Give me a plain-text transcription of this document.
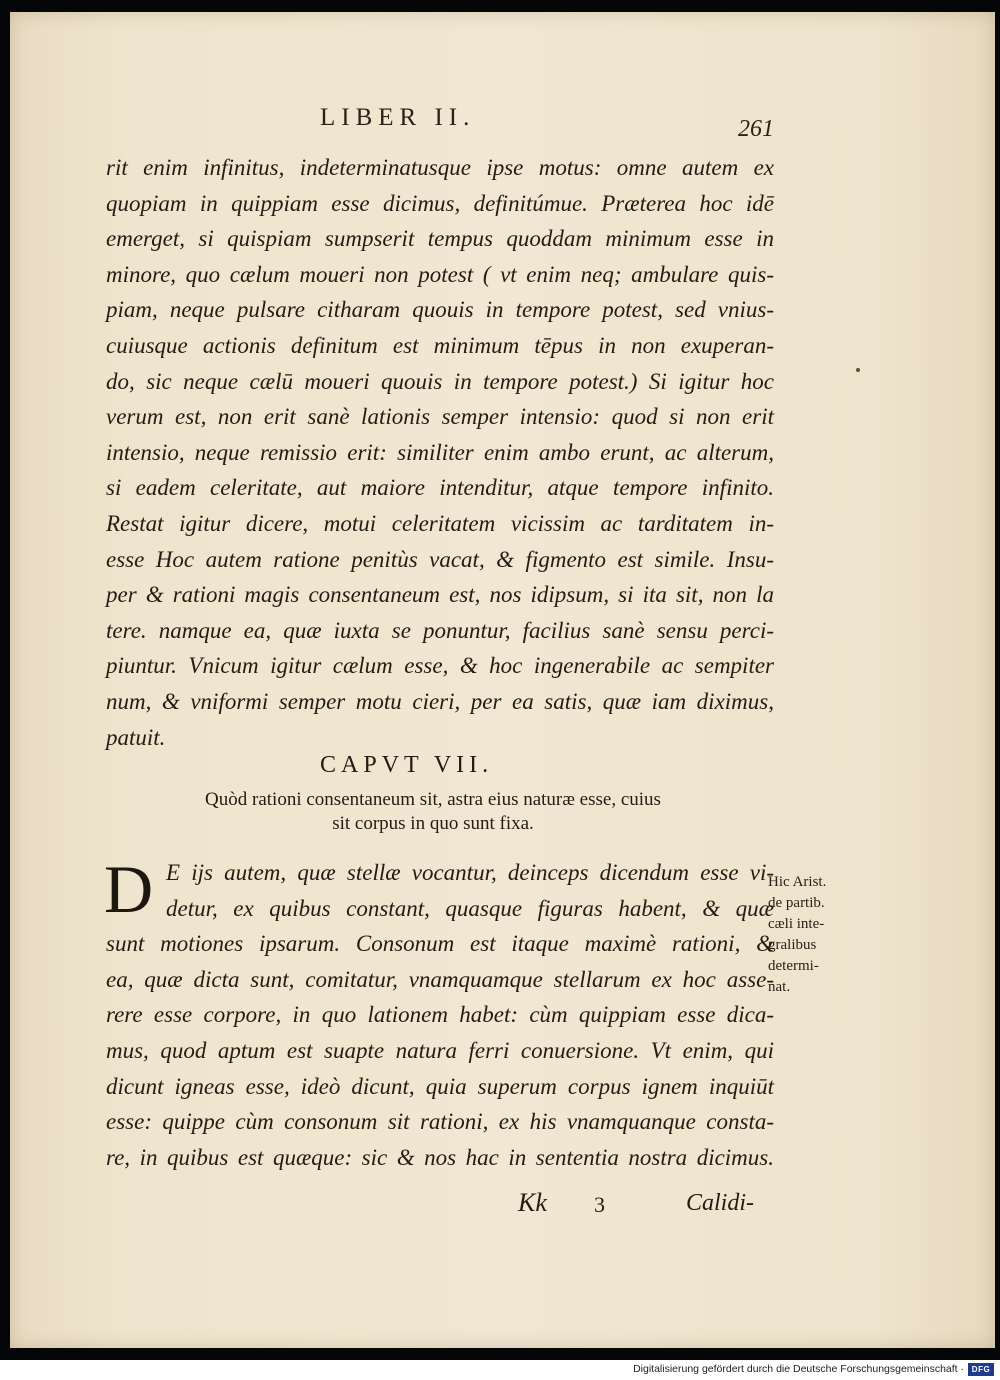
LIBER II.	261
rit enim infinitus, indeterminatusque ipse motus: omne autem ex
quopiam in quippiam esse dicimus, definitúmue. Præterea hoc idē
emerget, si quispiam sumpserit tempus quoddam minimum esse in
minore, quo cælum moueri non potest ( vt enim neq; ambulare quis-
piam, neque pulsare citharam quouis in tempore potest, sed vnius-
cuiusque actionis definitum est minimum tēpus in non exuperan-
do, sic neque cælū moueri quouis in tempore potest.) Si igitur hoc
verum est, non erit sanè lationis semper intensio: quod si non erit
intensio, neque remissio erit: similiter enim ambo erunt, ac alterum,
si eadem celeritate, aut maiore intenditur, atque tempore infinito.
Restat igitur dicere, motui celeritatem vicissim ac tarditatem in-
esse Hoc autem ratione penitùs vacat, & figmento est simile. Insu-
per & rationi magis consentaneum est, nos idipsum, si ita sit, non la
tere. namque ea, quæ iuxta se ponuntur, facilius sanè sensu perci-
piuntur. Vnicum igitur cælum esse, & hoc ingenerabile ac sempiter
num, & vniformi semper motu cieri, per ea satis, quæ iam diximus,
patuit.
CAPVT VII.
Quòd rationi consentaneum sit, astra eius naturæ esse, cuius
sit corpus in quo sunt fixa.
D E ijs autem, quæ stellæ vocantur, deinceps dicendum esse vi-
detur, ex quibus constant, quasque figuras habent, & quæ
sunt motiones ipsarum. Consonum est itaque maximè rationi, &
ea, quæ dicta sunt, comitatur, vnamquamque stellarum ex hoc asse-
rere esse corpore, in quo lationem habet: cùm quippiam esse dica-
mus, quod aptum est suapte natura ferri conuersione. Vt enim, qui
dicunt igneas esse, ideò dicunt, quia superum corpus ignem inquiūt
esse: quippe cùm consonum sit rationi, ex his vnamquanque consta-
re, in quibus est quæque: sic & nos hac in sententia nostra dicimus.
Hic Arist.
de partib.
cæli inte-
gralibus
determi-
nat.
Kk 3	Calidi-
Digitalisierung gefördert durch die Deutsche Forschungsgemeinschaft · DFG
